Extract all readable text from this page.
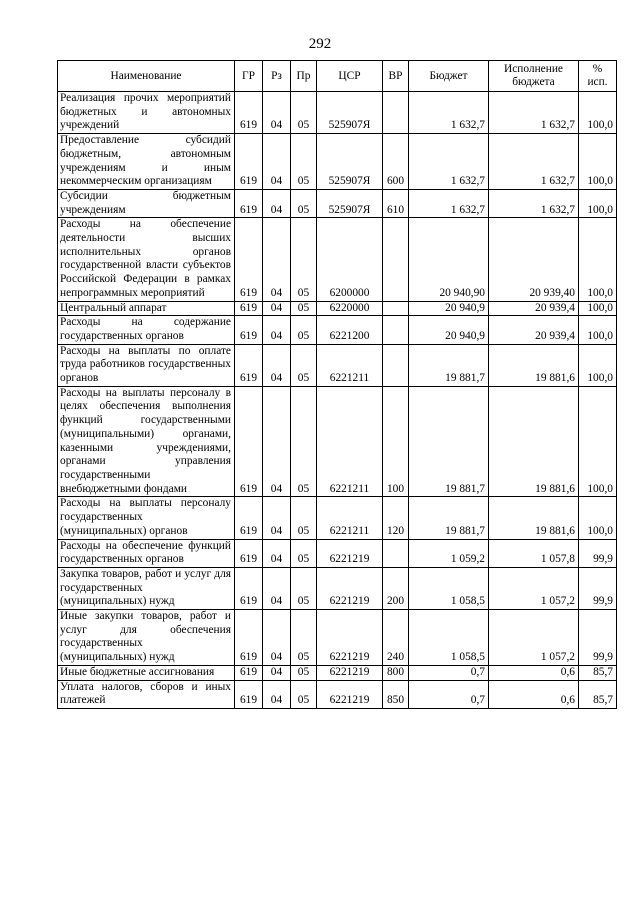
292
Наименование	ГР	Рз	Пр	ЦСР	ВР	Бюджет	Исполнение бюджета	% исп.
Реализация прочих мероприятий бюджетных и автономных учреждений	619	04	05	525907Я		1 632,7	1 632,7	100,0
Предоставление субсидий бюджетным, автономным учреждениям и иным некоммерческим организациям	619	04	05	525907Я	600	1 632,7	1 632,7	100,0
Субсидии бюджетным учреждениям	619	04	05	525907Я	610	1 632,7	1 632,7	100,0
Расходы на обеспечение деятельности высших исполнительных органов государственной власти субъектов Российской Федерации в рамках непрограммных мероприятий	619	04	05	6200000		20 940,90	20 939,40	100,0
Центральный аппарат	619	04	05	6220000		20 940,9	20 939,4	100,0
Расходы на содержание государственных органов	619	04	05	6221200		20 940,9	20 939,4	100,0
Расходы на выплаты по оплате труда работников государственных органов	619	04	05	6221211		19 881,7	19 881,6	100,0
Расходы на выплаты персоналу в целях обеспечения выполнения функций государственными (муниципальными) органами, казенными учреждениями, органами управления государственными внебюджетными фондами	619	04	05	6221211	100	19 881,7	19 881,6	100,0
Расходы на выплаты персоналу государственных (муниципальных) органов	619	04	05	6221211	120	19 881,7	19 881,6	100,0
Расходы на обеспечение функций государственных органов	619	04	05	6221219		1 059,2	1 057,8	99,9
Закупка товаров, работ и услуг для государственных (муниципальных) нужд	619	04	05	6221219	200	1 058,5	1 057,2	99,9
Иные закупки товаров, работ и услуг для обеспечения государственных (муниципальных) нужд	619	04	05	6221219	240	1 058,5	1 057,2	99,9
Иные бюджетные ассигнования	619	04	05	6221219	800	0,7	0,6	85,7
Уплата налогов, сборов и иных платежей	619	04	05	6221219	850	0,7	0,6	85,7
